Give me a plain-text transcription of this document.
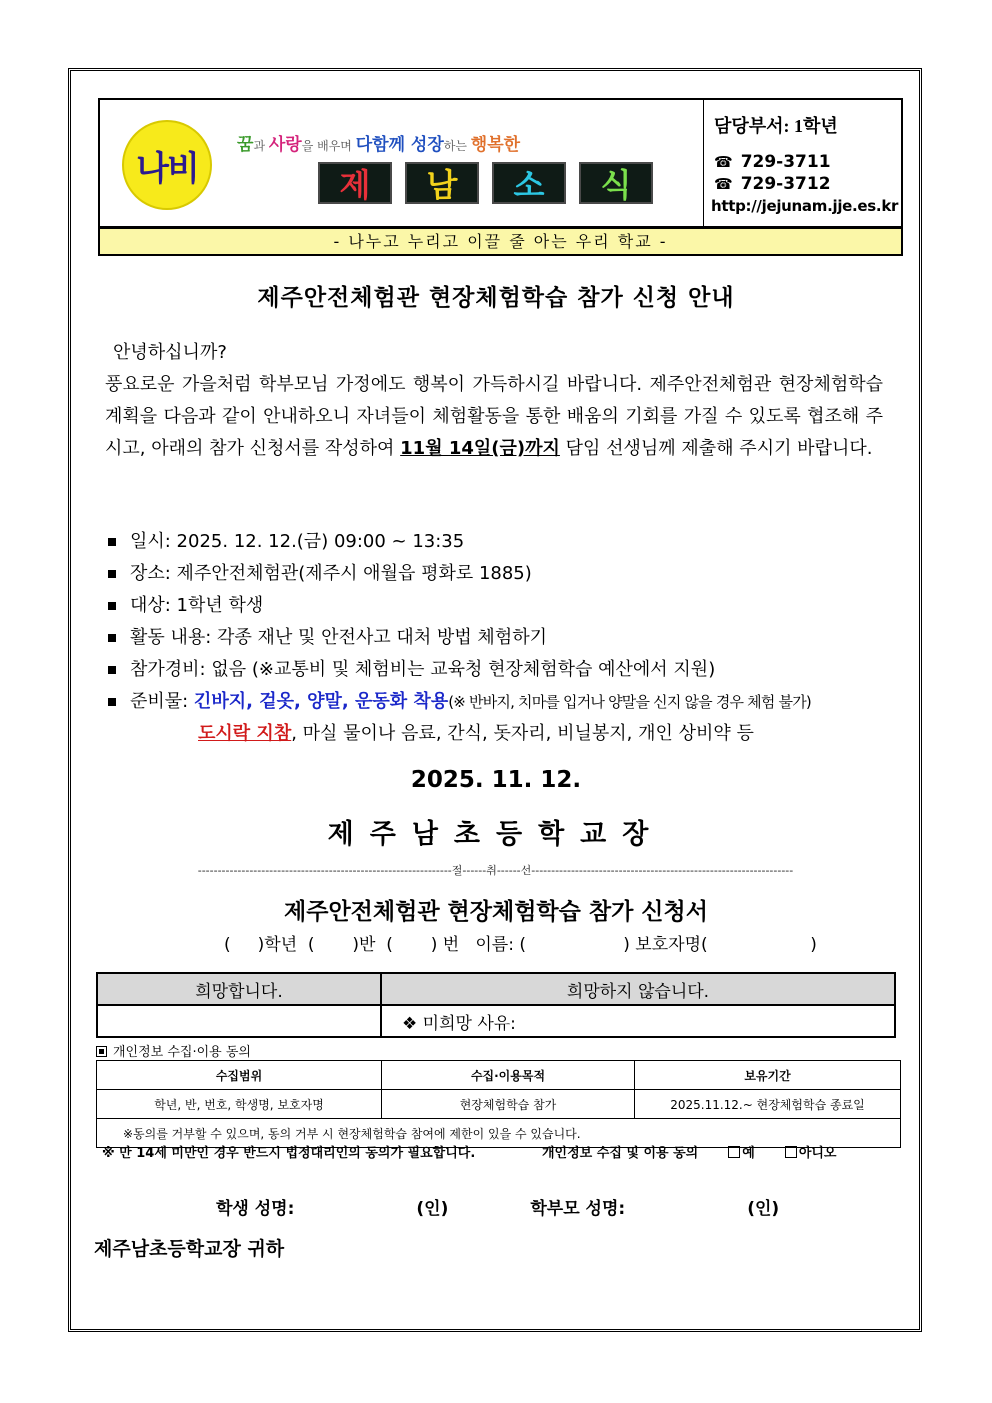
나비
꿈과 사랑을 배우며 다함께 성장하는 행복한
제	남	소	식
담당부서: 1학년
☎ 729-3711
☎ 729-3712
http://jejunam.jje.es.kr
- 나누고 누리고 이끌 줄 아는 우리 학교 -
제주안전체험관 현장체험학습 참가 신청 안내

안녕하십니까?

풍요로운 가을처럼 학부모님 가정에도 행복이 가득하시길 바랍니다. 제주안전체험관 현장체험학습 계획을 다음과 같이 안내하오니 자녀들이 체험활동을 통한 배움의 기회를 가질 수 있도록 협조해 주시고, 아래의 참가 신청서를 작성하여 11월 14일(금)까지 담임 선생님께 제출해 주시기 바랍니다.

일시: 2025. 12. 12.(금) 09:00 ~ 13:35
장소: 제주안전체험관(제주시 애월읍 평화로 1885)
대상: 1학년 학생
활동 내용: 각종 재난 및 안전사고 대처 방법 체험하기
참가경비: 없음 (※교통비 및 체험비는 교육청 현장체험학습 예산에서 지원)
준비물:
긴바지, 겉옷, 양말, 운동화 착용 (※ 반바지, 치마를 입거나 양말을 신지 않을 경우 체험 불가)
도시락 지참 , 마실 물이나 음료, 간식, 돗자리, 비닐봉지, 개인 상비약 등
2025. 11. 12.
제주남초등학교장
----------------------------------------------------------------절------취------선------------------------------------------------------------------
제주안전체험관 현장체험학습 참가 신청서
(     )학년  (       )반  (       ) 번   이름: (                  ) 보호자명(                   )
희망합니다.	희망하지 않습니다.
	❖ 미희망 사유:
개인정보 수집·이용 동의
수집범위	수집·이용목적	보유기간
학년, 반, 번호, 학생명, 보호자명	현장체험학습 참가	2025.11.12.~ 현장체험학습 종료일
※동의를 거부할 수 있으며, 동의 거부 시 현장체험학습 참여에 제한이 있을 수 있습니다.		
※ 만 14세 미만인 경우 반드시 법정대리인의 동의가 필요합니다.	개인정보 수집 및 이용 동의	예	아니오
학생 성명:	(인)	학부모 성명:	(인)
제주남초등학교장 귀하
